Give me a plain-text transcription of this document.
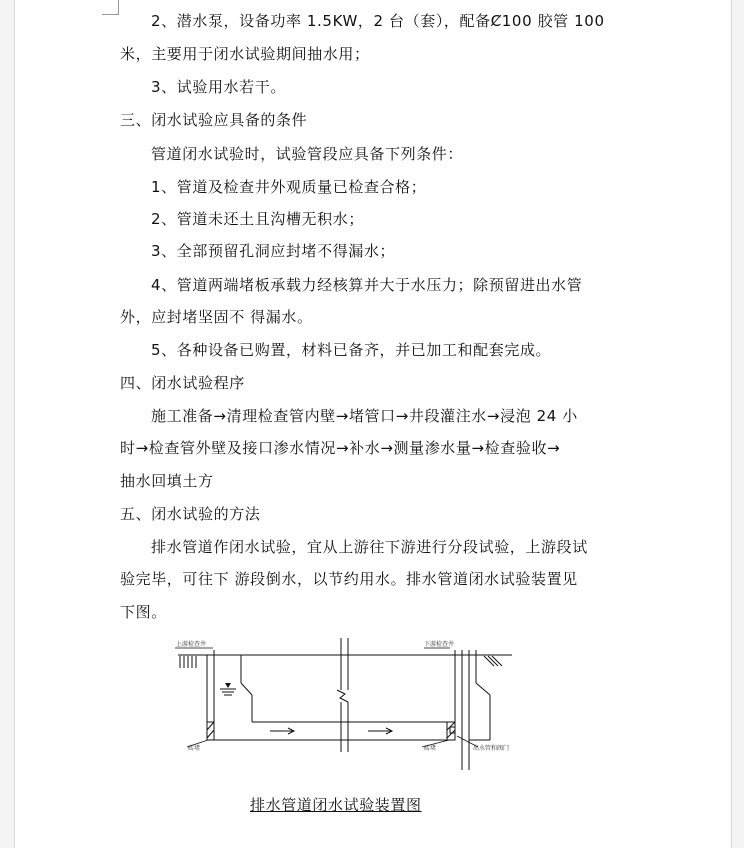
2、潜水泵，设备功率 1.5KW，2 台（套），配备Ȼ100 胶管 100
米，主要用于闭水试验期间抽水用；
3、试验用水若干。
三、闭水试验应具备的条件
管道闭水试验时，试验管段应具备下列条件：
1、管道及检查井外观质量已检查合格；
2、管道未还土且沟槽无积水；
3、全部预留孔洞应封堵不得漏水；
4、管道两端堵板承载力经核算并大于水压力；除预留进出水管
外，应封堵坚固不 得漏水。
5、各种设备已购置，材料已备齐，并已加工和配套完成。
四、闭水试验程序
施工准备→清理检查管内壁→堵管口→井段灌注水→浸泡 24 小
时→检查管外壁及接口渗水情况→补水→测量渗水量→检查验收→
抽水回填土方
五、闭水试验的方法
排水管道作闭水试验，宜从上游往下游进行分段试验，上游段试
验完毕，可往下 游段倒水，以节约用水。排水管道闭水试验装置见
下图。
上游检查井	下游检查井
砖堵	砖堵	出水管和阀门
排水管道闭水试验装置图
